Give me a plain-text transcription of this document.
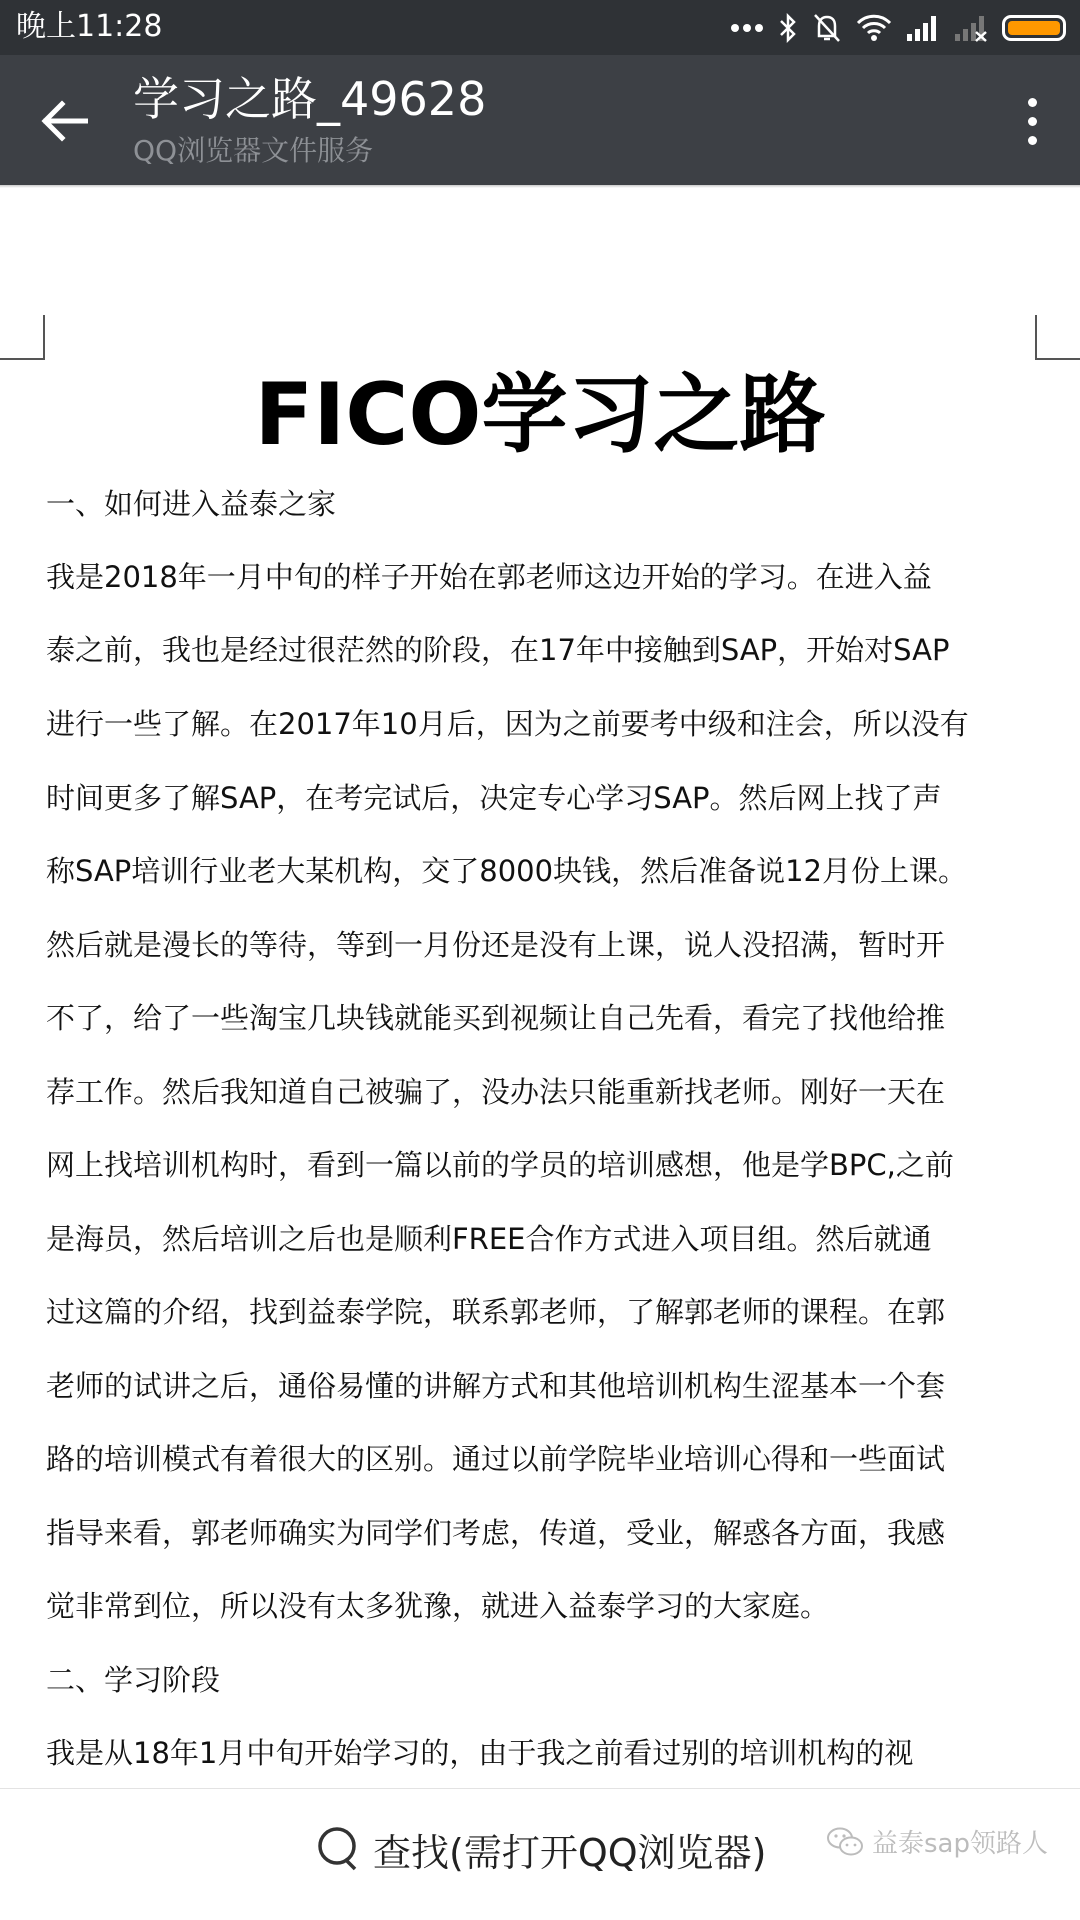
晚上11:28
学习之路_49628
QQ浏览器文件服务
FICO学习之路
一、如何进入益泰之家
我是2018年一月中旬的样子开始在郭老师这边开始的学习。在进入益
泰之前，我也是经过很茫然的阶段，在17年中接触到SAP，开始对SAP
进行一些了解。在2017年10月后，因为之前要考中级和注会，所以没有
时间更多了解SAP，在考完试后，决定专心学习SAP。然后网上找了声
称SAP培训行业老大某机构，交了8000块钱，然后准备说12月份上课。
然后就是漫长的等待，等到一月份还是没有上课，说人没招满，暂时开
不了，给了一些淘宝几块钱就能买到视频让自己先看，看完了找他给推
荐工作。然后我知道自己被骗了，没办法只能重新找老师。刚好一天在
网上找培训机构时，看到一篇以前的学员的培训感想，他是学BPC,之前
是海员，然后培训之后也是顺利FREE合作方式进入项目组。然后就通
过这篇的介绍，找到益泰学院，联系郭老师，了解郭老师的课程。在郭
老师的试讲之后，通俗易懂的讲解方式和其他培训机构生涩基本一个套
路的培训模式有着很大的区别。通过以前学院毕业培训心得和一些面试
指导来看，郭老师确实为同学们考虑，传道，受业，解惑各方面，我感
觉非常到位，所以没有太多犹豫，就进入益泰学习的大家庭。
二、学习阶段
我是从18年1月中旬开始学习的，由于我之前看过别的培训机构的视
查找(需打开QQ浏览器)	益泰sap领路人
